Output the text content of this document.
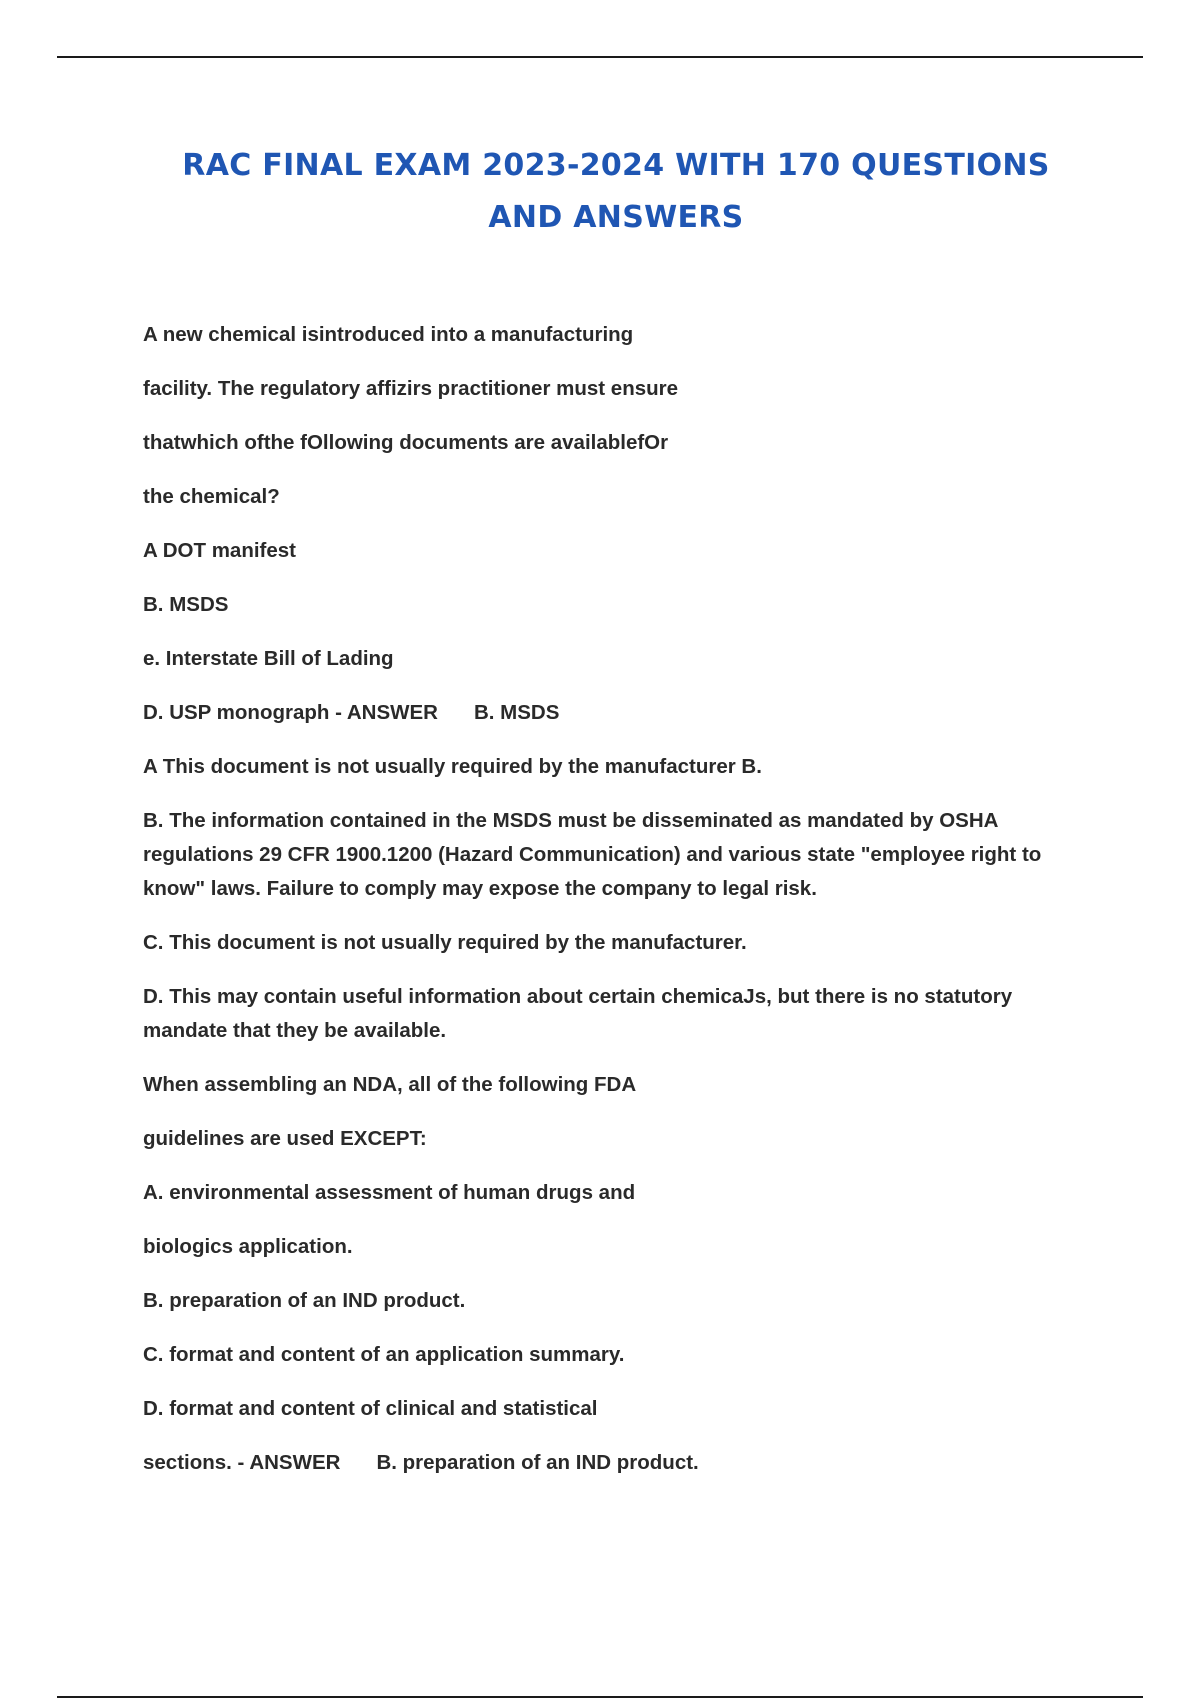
RAC FINAL EXAM 2023-2024 WITH 170 QUESTIONS
AND ANSWERS

A new chemical isintroduced into a manufacturing

facility. The regulatory affizirs practitioner must ensure

thatwhich ofthe fOllowing documents are availablefOr

the chemical?

A DOT manifest

B. MSDS

e. Interstate Bill of Lading

D. USP monograph - ANSWER B. MSDS

A This document is not usually required by the manufacturer B.

B. The information contained in the MSDS must be disseminated as mandated by OSHA regulations 29 CFR 1900.1200 (Hazard Communication) and various state "employee right to know" laws. Failure to comply may expose the company to legal risk.

C. This document is not usually required by the manufacturer.

D. This may contain useful information about certain chemicaJs, but there is no statutory mandate that they be available.

When assembling an NDA, all of the following FDA

guidelines are used EXCEPT:

A. environmental assessment of human drugs and

biologics application.

B. preparation of an IND product.

C. format and content of an application summary.

D. format and content of clinical and statistical

sections. - ANSWER B. preparation of an IND product.
